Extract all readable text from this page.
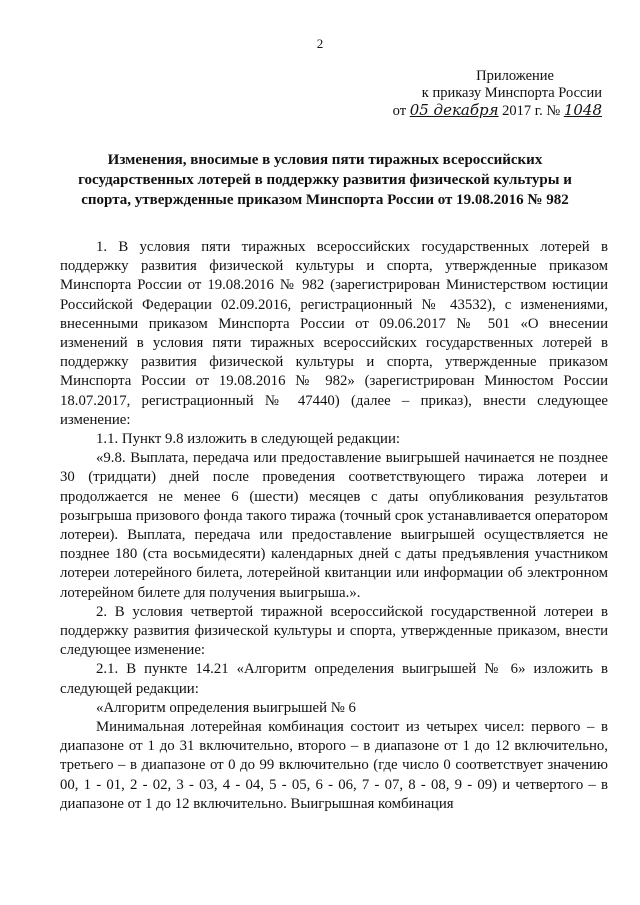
2
Приложение
к приказу Минспорта России
от 05 декабря 2017 г. № 1048
Изменения, вносимые в условия пяти тиражных всероссийских государственных лотерей в поддержку развития физической культуры и спорта, утвержденные приказом Минспорта России от 19.08.2016 № 982

1. В условия пяти тиражных всероссийских государственных лотерей в поддержку развития физической культуры и спорта, утвержденные приказом Минспорта России от 19.08.2016 № 982 (зарегистрирован Министерством юстиции Российской Федерации 02.09.2016, регистрационный № 43532), с изменениями, внесенными приказом Минспорта России от 09.06.2017 № 501 «О внесении изменений в условия пяти тиражных всероссийских государственных лотерей в поддержку развития физической культуры и спорта, утвержденные приказом Минспорта России от 19.08.2016 № 982» (зарегистрирован Минюстом России 18.07.2017, регистрационный № 47440) (далее – приказ), внести следующее изменение:

1.1. Пункт 9.8 изложить в следующей редакции:

«9.8. Выплата, передача или предоставление выигрышей начинается не позднее 30 (тридцати) дней после проведения соответствующего тиража лотереи и продолжается не менее 6 (шести) месяцев с даты опубликования результатов розыгрыша призового фонда такого тиража (точный срок устанавливается оператором лотереи). Выплата, передача или предоставление выигрышей осуществляется не позднее 180 (ста восьмидесяти) календарных дней с даты предъявления участником лотереи лотерейного билета, лотерейной квитанции или информации об электронном лотерейном билете для получения выигрыша.».

2. В условия четвертой тиражной всероссийской государственной лотереи в поддержку развития физической культуры и спорта, утвержденные приказом, внести следующее изменение:

2.1. В пункте 14.21 «Алгоритм определения выигрышей № 6» изложить в следующей редакции:

«Алгоритм определения выигрышей № 6

Минимальная лотерейная комбинация состоит из четырех чисел: первого – в диапазоне от 1 до 31 включительно, второго – в диапазоне от 1 до 12 включительно, третьего – в диапазоне от 0 до 99 включительно (где число 0 соответствует значению 00, 1 - 01, 2 - 02, 3 - 03, 4 - 04, 5 - 05, 6 - 06, 7 - 07, 8 - 08, 9 - 09) и четвертого – в диапазоне от 1 до 12 включительно. Выигрышная комбинация
